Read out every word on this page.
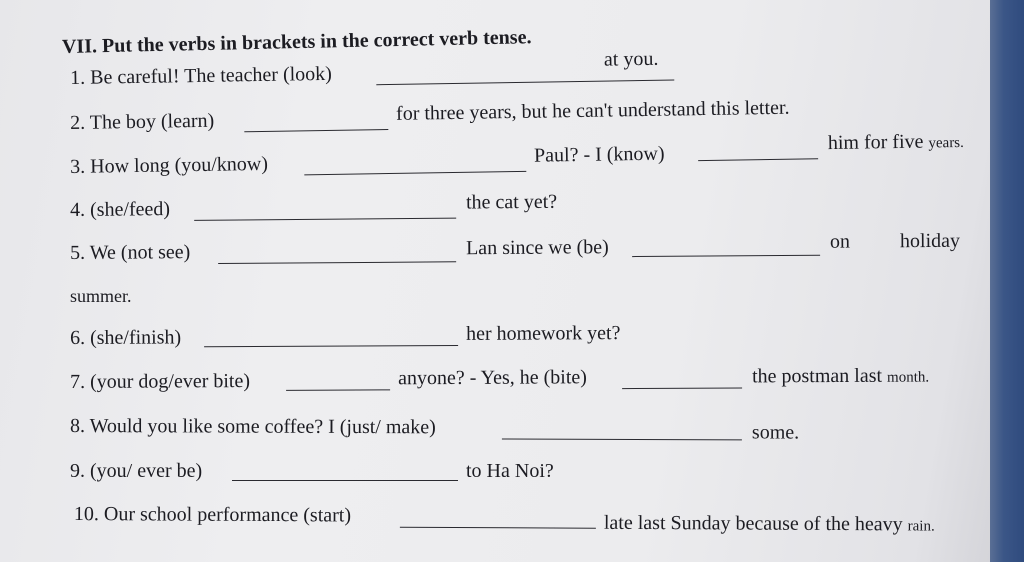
VII. Put the verbs in brackets in the correct verb tense.
1. Be careful! The teacher (look)
at you.
2. The boy (learn)	for three years, but he can't understand this letter.
3. How long (you/know)	Paul? - I (know)
him for five years.
4. (she/feed)	the cat yet?
5. We (not see)	Lan since we (be)	on holiday
summer.
6. (she/finish)	her homework yet?
7. (your dog/ever bite)	anyone? - Yes, he (bite)	the postman last month.
8. Would you like some coffee? I (just/ make)	some.
9. (you/ ever be)	to Ha Noi?
10. Our school performance (start)	late last Sunday because of the heavy rain.
